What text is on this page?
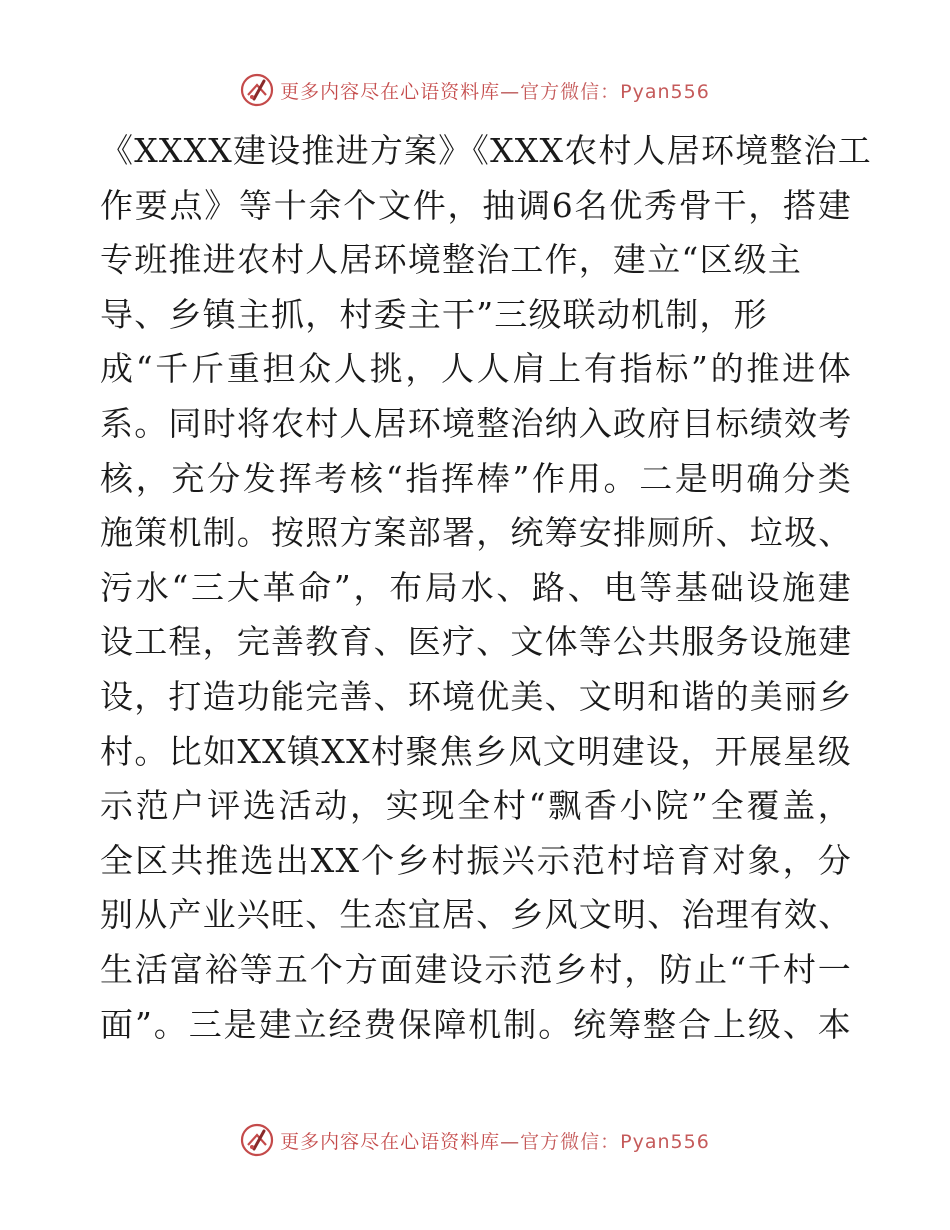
更多内容尽在心语资料库—官方微信：Pyan556
《XXXX建设推进方案》《XXX农村人居环境整治工
作要点》等十余个文件，抽调6名优秀骨干，搭建
专班推进农村人居环境整治工作，建立“区级主
导、乡镇主抓，村委主干”三级联动机制，形
成“千斤重担众人挑，人人肩上有指标”的推进体
系。同时将农村人居环境整治纳入政府目标绩效考
核，充分发挥考核“指挥棒”作用。二是明确分类
施策机制。按照方案部署，统筹安排厕所、垃圾、
污水“三大革命”，布局水、路、电等基础设施建
设工程，完善教育、医疗、文体等公共服务设施建
设，打造功能完善、环境优美、文明和谐的美丽乡
村。比如XX镇XX村聚焦乡风文明建设，开展星级
示范户评选活动，实现全村“飘香小院”全覆盖，
全区共推选出XX个乡村振兴示范村培育对象，分
别从产业兴旺、生态宜居、乡风文明、治理有效、
生活富裕等五个方面建设示范乡村，防止“千村一
面”。三是建立经费保障机制。统筹整合上级、本
更多内容尽在心语资料库—官方微信：Pyan556
